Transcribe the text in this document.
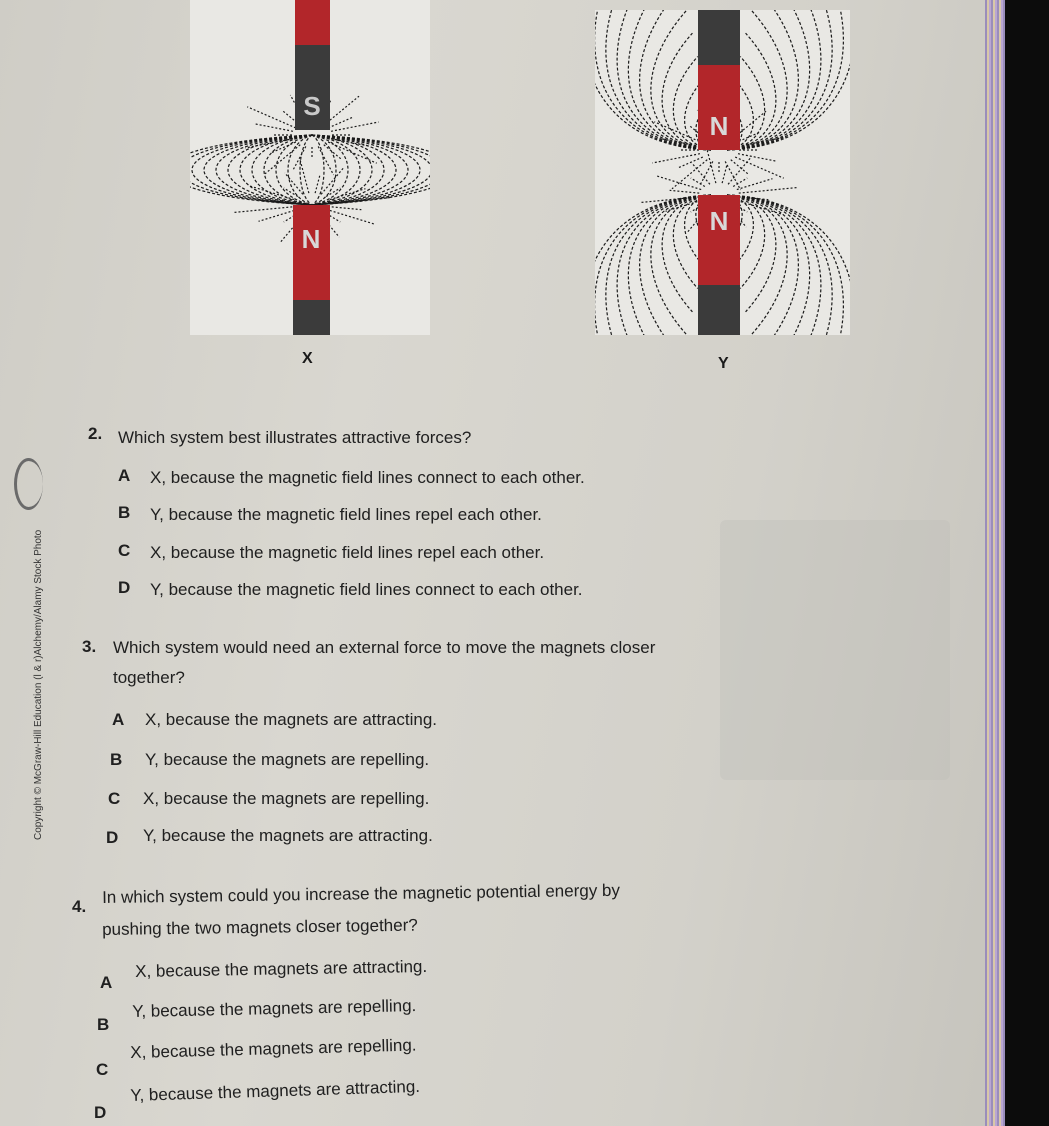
S
N
X
N
N
Y
Copyright © McGraw-Hill Education (l & r)Alchemy/Alamy Stock Photo
2. Which system best illustrates attractive forces?
A X, because the magnetic field lines connect to each other.
B Y, because the magnetic field lines repel each other.
C X, because the magnetic field lines repel each other.
D Y, because the magnetic field lines connect to each other.
3. Which system would need an external force to move the magnets closer
together?
A X, because the magnets are attracting.
B Y, because the magnets are repelling.
C X, because the magnets are repelling.
D Y, because the magnets are attracting.
4. In which system could you increase the magnetic potential energy by
pushing the two magnets closer together?
A
X, because the magnets are attracting.
B
Y, because the magnets are repelling.
C
X, because the magnets are repelling.
D
Y, because the magnets are attracting.
